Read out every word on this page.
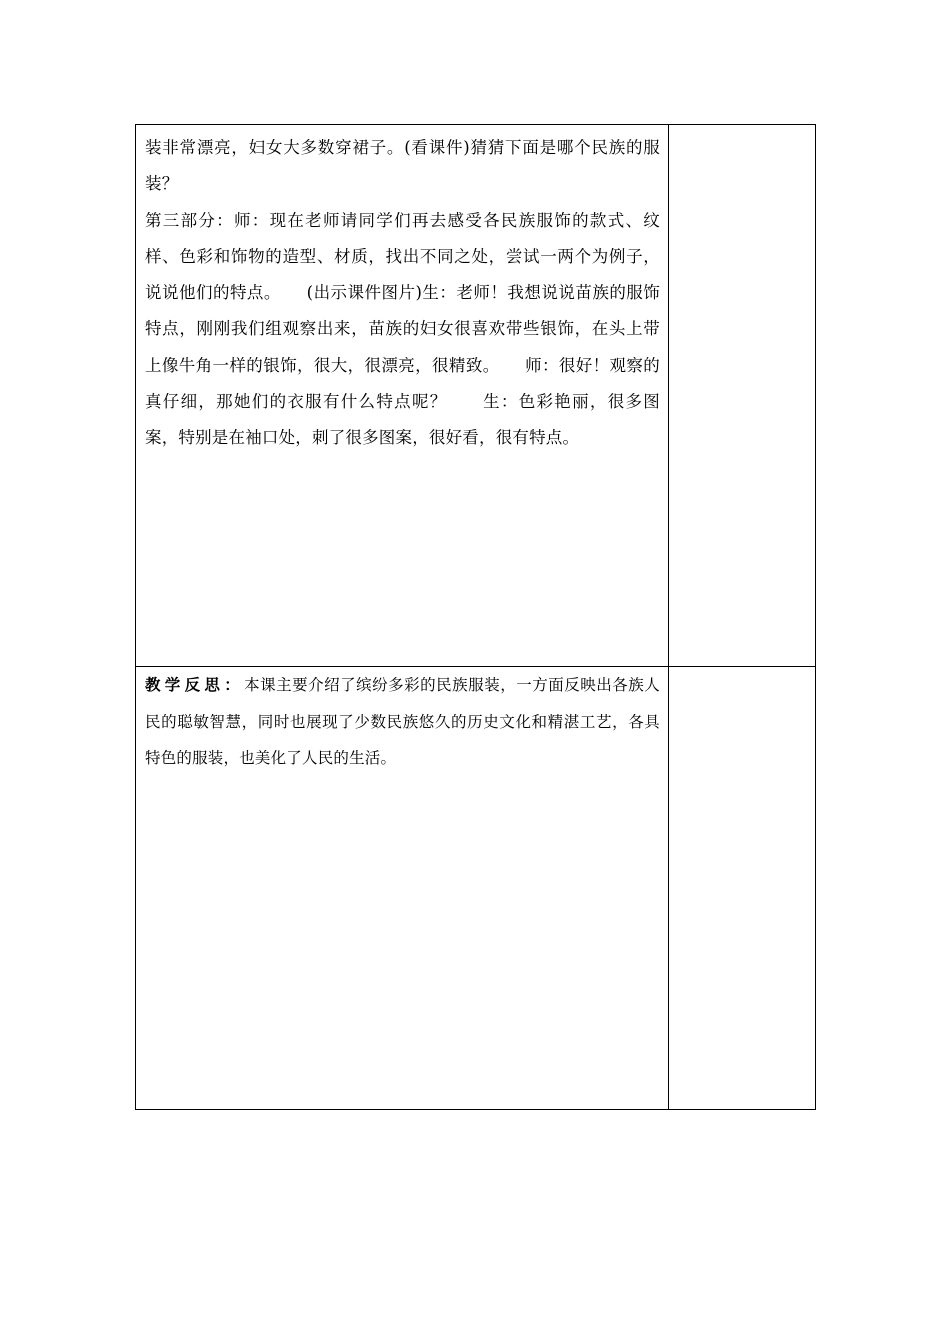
装非常漂亮，妇女大多数穿裙子。(看课件)猜猜下面是哪个民族的服装？

第三部分：师：现在老师请同学们再去感受各民族服饰的款式、纹样、色彩和饰物的造型、材质，找出不同之处，尝试一两个为例子，说说他们的特点。　　(出示课件图片)生：老师！我想说说苗族的服饰特点，刚刚我们组观察出来，苗族的妇女很喜欢带些银饰，在头上带上像牛角一样的银饰，很大，很漂亮，很精致。　　师：很好！观察的真仔细，那她们的衣服有什么特点呢？　　生：色彩艳丽，很多图案，特别是在袖口处，刺了很多图案，很好看，很有特点。	

教学反思：本课主要介绍了缤纷多彩的民族服装，一方面反映出各族人民的聪敏智慧，同时也展现了少数民族悠久的历史文化和精湛工艺，各具特色的服装，也美化了人民的生活。	
